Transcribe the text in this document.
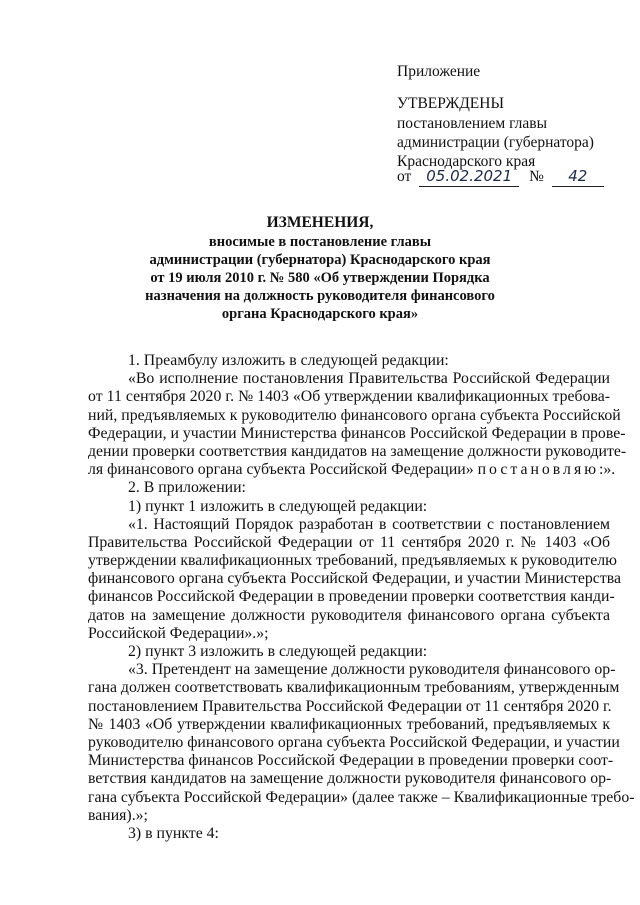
Приложение
УТВЕРЖДЕНЫ
постановлением главы
администрации (губернатора)
Краснодарского края
от 05.02.2021 № 42
ИЗМЕНЕНИЯ,
вносимые в постановление главы
администрации (губернатора) Краснодарского края
от 19 июля 2010 г. № 580 «Об утверждении Порядка
назначения на должность руководителя финансового
органа Краснодарского края»
1. Преамбулу изложить в следующей редакции:
«Во исполнение постановления Правительства Российской Федерации
от 11 сентября 2020 г. № 1403 «Об утверждении квалификационных требова-
ний, предъявляемых к руководителю финансового органа субъекта Российской
Федерации, и участии Министерства финансов Российской Федерации в прове-
дении проверки соответствия кандидатов на замещение должности руководите-
ля финансового органа субъекта Российской Федерации» постановляю:».
2. В приложении:
1) пункт 1 изложить в следующей редакции:
«1. Настоящий Порядок разработан в соответствии с постановлением
Правительства Российской Федерации от 11 сентября 2020 г. № 1403 «Об
утверждении квалификационных требований, предъявляемых к руководителю
финансового органа субъекта Российской Федерации, и участии Министерства
финансов Российской Федерации в проведении проверки соответствия канди-
датов на замещение должности руководителя финансового органа субъекта
Российской Федерации».»;
2) пункт 3 изложить в следующей редакции:
«3. Претендент на замещение должности руководителя финансового ор-
гана должен соответствовать квалификационным требованиям, утвержденным
постановлением Правительства Российской Федерации от 11 сентября 2020 г.
№ 1403 «Об утверждении квалификационных требований, предъявляемых к
руководителю финансового органа субъекта Российской Федерации, и участии
Министерства финансов Российской Федерации в проведении проверки соот-
ветствия кандидатов на замещение должности руководителя финансового ор-
гана субъекта Российской Федерации» (далее также – Квалификационные требо-
вания).»;
3) в пункте 4:
